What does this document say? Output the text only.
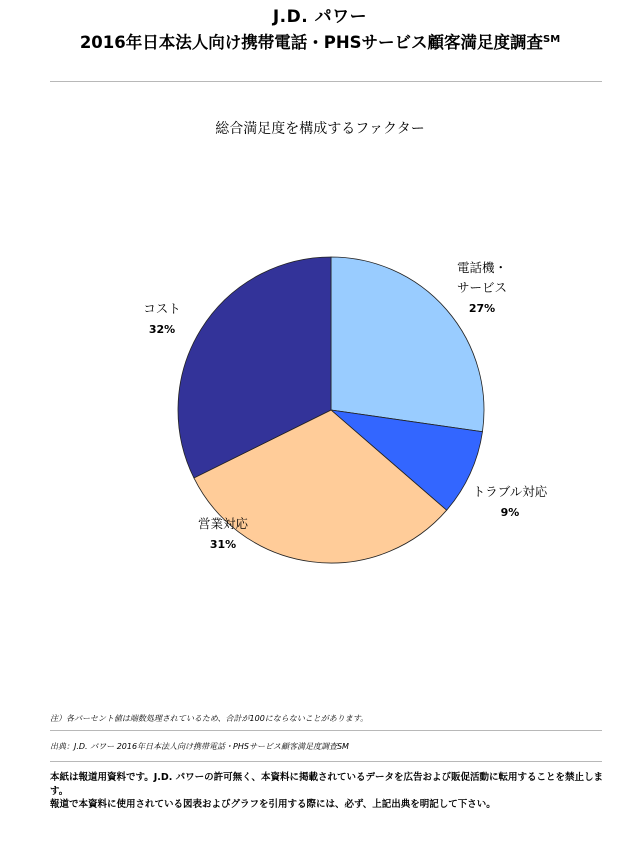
J.D. パワー
2016年日本法人向け携帯電話・PHSサービス顧客満足度調査℠
総合満足度を構成するファクター
電話機・サービス
27%
トラブル対応
9%
営業対応
31%
コスト
32%
注）各パーセント値は端数処理されているため、合計が100にならないことがあります。
出典：J.D. パワー 2016年日本法人向け携帯電話・PHSサービス顧客満足度調査SM
本紙は報道用資料です。J.D. パワーの許可無く、本資料に掲載されているデータを広告および販促活動に転用することを禁止します。
報道で本資料に使用されている図表およびグラフを引用する際には、必ず、上記出典を明記して下さい。
